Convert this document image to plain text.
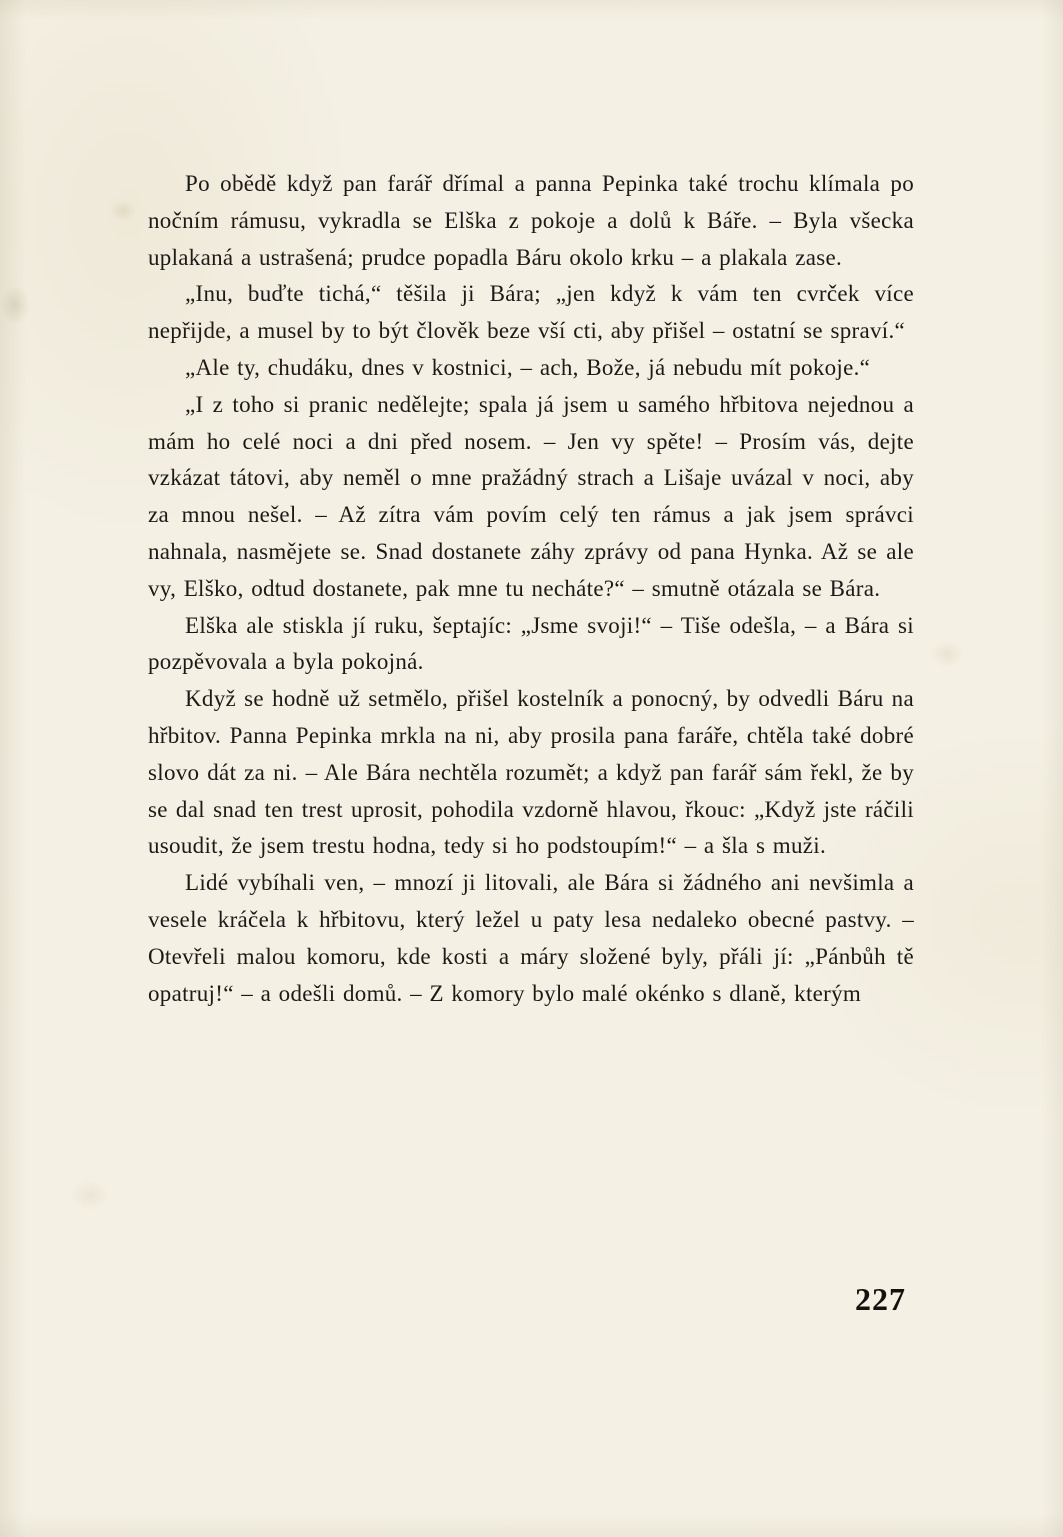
Po obědě když pan farář dřímal a panna Pepinka také trochu klímala po nočním rámusu, vykradla se Elška z pokoje a dolů k Báře. – Byla všecka uplakaná a ustrašená; prudce popadla Báru okolo krku – a plakala zase.

„Inu, buďte tichá,“ těšila ji Bára; „jen když k vám ten cvrček více nepřijde, a musel by to být člověk beze vší cti, aby přišel – ostatní se spraví.“

„Ale ty, chudáku, dnes v kostnici, – ach, Bože, já nebudu mít pokoje.“

„I z toho si pranic nedělejte; spala já jsem u samého hřbitova nejednou a mám ho celé noci a dni před nosem. – Jen vy spěte! – Prosím vás, dejte vzkázat tátovi, aby neměl o mne pražádný strach a Lišaje uvázal v noci, aby za mnou nešel. – Až zítra vám povím celý ten rámus a jak jsem správci nahnala, nasmějete se. Snad dostanete záhy zprávy od pana Hynka. Až se ale vy, Elško, odtud dostanete, pak mne tu necháte?“ – smutně otázala se Bára.

Elška ale stiskla jí ruku, šeptajíc: „Jsme svoji!“ – Tiše odešla, – a Bára si pozpěvovala a byla pokojná.

Když se hodně už setmělo, přišel kostelník a ponocný, by odvedli Báru na hřbitov. Panna Pepinka mrkla na ni, aby prosila pana faráře, chtěla také dobré slovo dát za ni. – Ale Bára nechtěla rozumět; a když pan farář sám řekl, že by se dal snad ten trest uprosit, pohodila vzdorně hlavou, řkouc: „Když jste ráčili usoudit, že jsem trestu hodna, tedy si ho podstoupím!“ – a šla s muži.

Lidé vybíhali ven, – mnozí ji litovali, ale Bára si žádného ani nevšimla a vesele kráčela k hřbitovu, který ležel u paty lesa nedaleko obecné pastvy. – Otevřeli malou komoru, kde kosti a máry složené byly, přáli jí: „Pánbůh tě opatruj!“ – a odešli domů. – Z komory bylo malé okénko s dlaně, kterým

227
